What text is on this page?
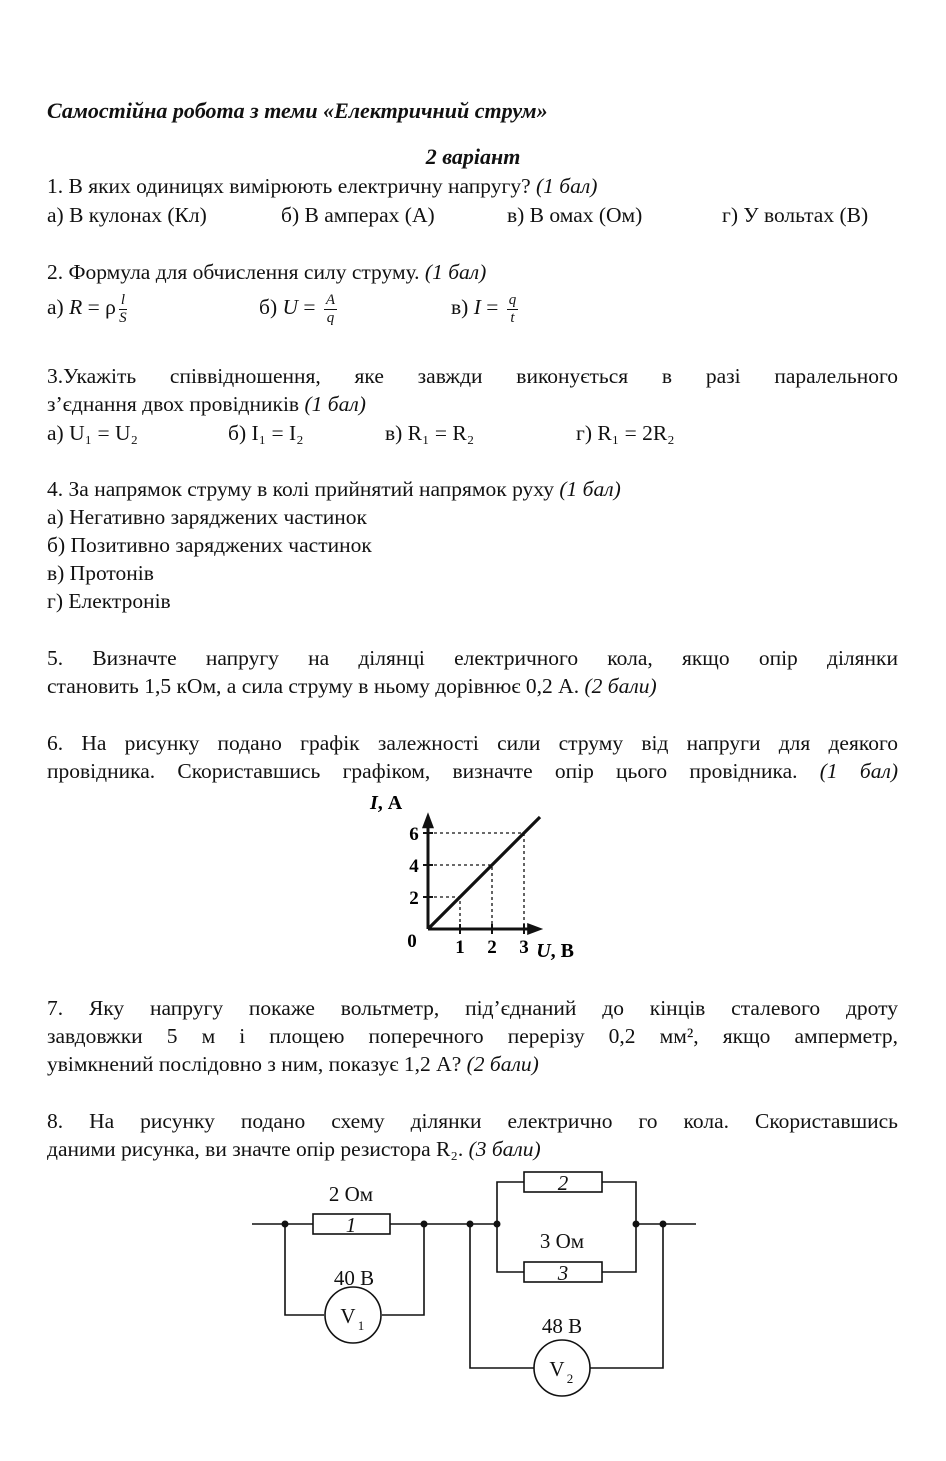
Самостійна робота з теми «Електричний струм»
2 варіант
1. В яких одиницях вимірюють електричну напругу? (1 бал)
а) В кулонах (Кл)	б) В амперах (А)	в) В омах (Ом)	г) У вольтах (В)
2. Формула для обчислення силу струму. (1 бал)
а) R = ρ $\frac{l}{S}$	б) $U = \frac{A}{q}$	в) $I = \frac{q}{t}$
3.Укажіть співвідношення, яке завжди виконується в разі паралельного
з’єднання двох провідників (1 бал)
а) U₁ = U₂	б) I₁ = I₂	в) R₁ = R₂	г) R₁ = 2R₂
4. За напрямок струму в колі прийнятий напрямок руху (1 бал)
а) Негативно заряджених частинок
б) Позитивно заряджених частинок
в) Протонів
г) Електронів
5. Визначте напругу на ділянці електричного кола, якщо опір ділянки
становить 1,5 кОм, а сила струму в ньому дорівнює 0,2 А. (2 бали)
6. На рисунку подано графік залежності сили струму від напруги для деякого
провідника. Скориставшись графіком, визначте опір цього провідника. (1 бал)
1 2 3
2
4
6
0
I, А
U, В
7. Яку напругу покаже вольтметр, під’єднаний до кінців сталевого дроту
завдовжки 5 м і площею поперечного перерізу 0,2 мм², якщо амперметр,
увімкнений послідовно з ним, показує 1,2 А? (2 бали)
8. На рисунку подано схему ділянки електрично го кола. Скориставшись
даними рисунка, ви значте опір резистора R₂. (3 бали)
2 Ом
1
40 В
V 1
2
3 Ом
3
48 В
V 2
